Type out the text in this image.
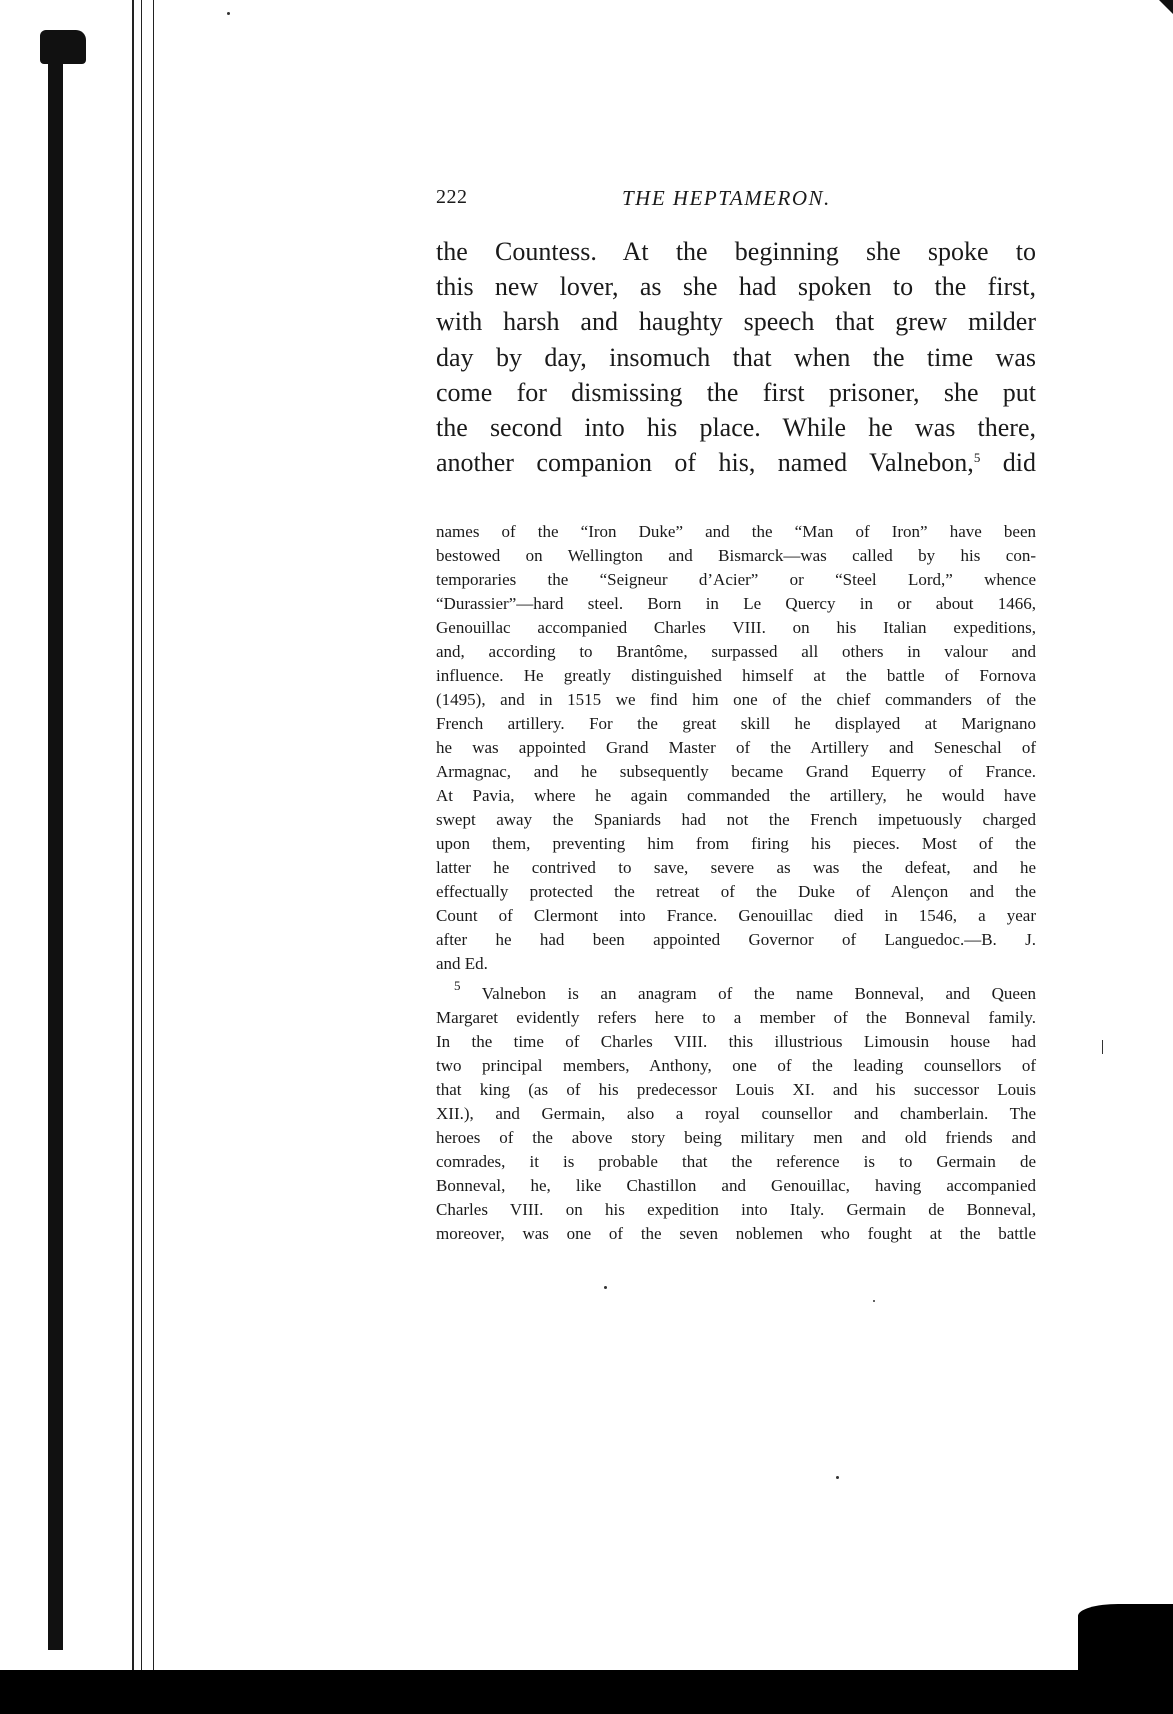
222	THE HEPTAMERON.
the Countess. At the beginning she spoke to
this new lover, as she had spoken to the first,
with harsh and haughty speech that grew milder
day by day, insomuch that when the time was
come for dismissing the first prisoner, she put
the second into his place. While he was there,
another companion of his, named Valnebon,$^5$ did
names of the “Iron Duke” and the “Man of Iron” have been
bestowed on Wellington and Bismarck—was called by his con-
temporaries the “Seigneur d’Acier” or “Steel Lord,” whence
“Durassier”—hard steel. Born in Le Quercy in or about 1466,
Genouillac accompanied Charles VIII. on his Italian expeditions,
and, according to Brantôme, surpassed all others in valour and
influence. He greatly distinguished himself at the battle of Fornova
(1495), and in 1515 we find him one of the chief commanders of the
French artillery. For the great skill he displayed at Marignano
he was appointed Grand Master of the Artillery and Seneschal of
Armagnac, and he subsequently became Grand Equerry of France.
At Pavia, where he again commanded the artillery, he would have
swept away the Spaniards had not the French impetuously charged
upon them, preventing him from firing his pieces. Most of the
latter he contrived to save, severe as was the defeat, and he
effectually protected the retreat of the Duke of Alençon and the
Count of Clermont into France. Genouillac died in 1546, a year
after he had been appointed Governor of Languedoc.—B. J.
and Ed.
$^5$ Valnebon is an anagram of the name Bonneval, and Queen
Margaret evidently refers here to a member of the Bonneval family.
In the time of Charles VIII. this illustrious Limousin house had
two principal members, Anthony, one of the leading counsellors of
that king (as of his predecessor Louis XI. and his successor Louis
XII.), and Germain, also a royal counsellor and chamberlain. The
heroes of the above story being military men and old friends and
comrades, it is probable that the reference is to Germain de
Bonneval, he, like Chastillon and Genouillac, having accompanied
Charles VIII. on his expedition into Italy. Germain de Bonneval,
moreover, was one of the seven noblemen who fought at the battle
